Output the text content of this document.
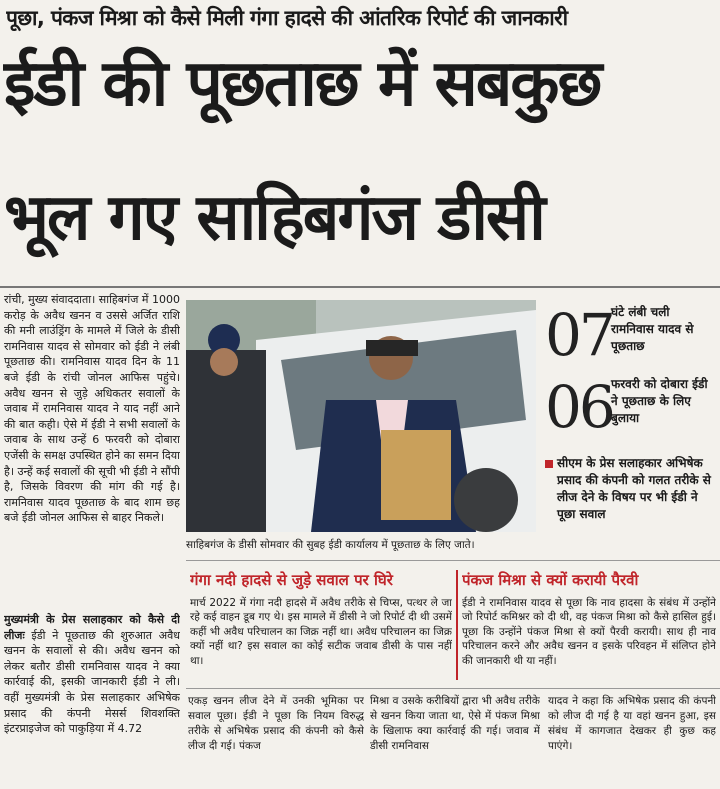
पूछा, पंकज मिश्रा को कैसे मिली गंगा हादसे की आंतरिक रिपोर्ट की जानकारी
ईडी की पूछताछ में सबकुछ
भूल गए साहिबगंज डीसी

रांची, मुख्य संवाददाता। साहिबगंज में 1000 करोड़ के अवैध खनन व उससे अर्जित राशि की मनी लाउंड्रिंग के मामले में जिले के डीसी रामनिवास यादव से सोमवार को ईडी ने लंबी पूछताछ की। रामनिवास यादव दिन के 11 बजे ईडी के रांची जोनल आफिस पहुंचे। अवैध खनन से जुड़े अधिकतर सवालों के जवाब में रामनिवास यादव ने याद नहीं आने की बात कही। ऐसे में ईडी ने सभी सवालों के जवाब के साथ उन्हें 6 फरवरी को दोबारा एजेंसी के समक्ष उपस्थित होने का समन दिया है। उन्हें कई सवालों की सूची भी ईडी ने सौंपी है, जिसके विवरण की मांग की गई है। रामनिवास यादव पूछताछ के बाद शाम छह बजे ईडी जोनल आफिस से बाहर निकले।

मुख्यमंत्री के प्रेस सलाहकार को कैसे दी लीजः ईडी ने पूछताछ की शुरुआत अवैध खनन के सवालों से की। अवैध खनन को लेकर बतौर डीसी रामनिवास यादव ने क्या कार्रवाई की, इसकी जानकारी ईडी ने ली। वहीं मुख्यमंत्री के प्रेस सलाहकार अभिषेक प्रसाद की कंपनी मेसर्स शिवशक्ति इंटरप्राइजेज को पाकुड़िया में 4.72

साहिबगंज के डीसी सोमवार की सुबह ईडी कार्यालय में पूछताछ के लिए जाते।
07
घंटे लंबी चली रामनिवास यादव से पूछताछ
06
फरवरी को दोबारा ईडी ने पूछताछ के लिए बुलाया
सीएम के प्रेस सलाहकार अभिषेक प्रसाद की कंपनी को गलत तरीके से लीज देने के विषय पर भी ईडी ने पूछा सवाल
गंगा नदी हादसे से जुड़े सवाल पर घिरे	पंकज मिश्रा से क्यों करायी पैरवी
मार्च 2022 में गंगा नदी हादसे में अवैध तरीके से चिप्स, पत्थर ले जा रहे कई वाहन डूब गए थे। इस मामले में डीसी ने जो रिपोर्ट दी थी उसमें कहीं भी अवैध परिचालन का जिक्र नहीं था। अवैध परिचालन का जिक्र क्यों नहीं था? इस सवाल का कोई सटीक जवाब डीसी के पास नहीं था।
ईडी ने रामनिवास यादव से पूछा कि नाव हादसा के संबंध में उन्होंने जो रिपोर्ट कमिश्नर को दी थी, वह पंकज मिश्रा को कैसे हासिल हुई। पूछा कि उन्होंने पंकज मिश्रा से क्यों पैरवी करायी। साथ ही नाव परिचालन करने और अवैध खनन व इसके परिवहन में संलिप्त होने की जानकारी थी या नहीं।
एकड़ खनन लीज देने में उनकी भूमिका पर सवाल पूछा। ईडी ने पूछा कि नियम विरुद्ध तरीके से अभिषेक प्रसाद की कंपनी को कैसे लीज दी गई। पंकज
मिश्रा व उसके करीबियों द्वारा भी अवैध तरीके से खनन किया जाता था, ऐसे में पंकज मिश्रा के खिलाफ क्या कार्रवाई की गई। जवाब में डीसी रामनिवास
यादव ने कहा कि अभिषेक प्रसाद की कंपनी को लीज दी गई है या वहां खनन हुआ, इस संबंध में कागजात देखकर ही कुछ कह पाएंगे।
